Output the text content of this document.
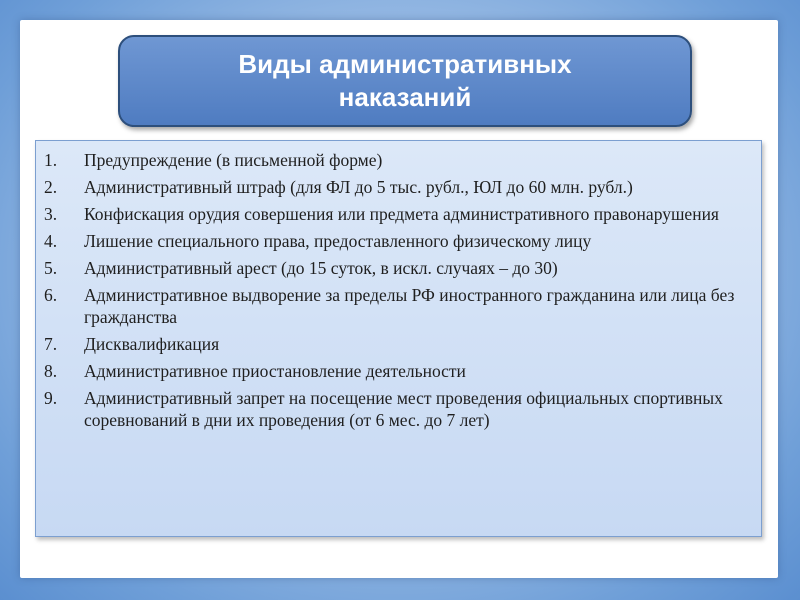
Виды административных наказаний
1.	Предупреждение (в письменной форме)
2.	Административный штраф (для ФЛ до 5 тыс. рубл., ЮЛ до 60 млн. рубл.)
3.	Конфискация орудия совершения или предмета административного правонарушения
4.	Лишение специального права, предоставленного физическому лицу
5.	Административный арест (до 15 суток, в искл. случаях – до 30)
6.	Административное выдворение за пределы РФ иностранного гражданина или лица без гражданства
7.	Дисквалификация
8.	Административное приостановление деятельности
9.	Административный запрет на посещение мест проведения официальных спортивных соревнований в дни их проведения (от 6 мес. до 7 лет)
